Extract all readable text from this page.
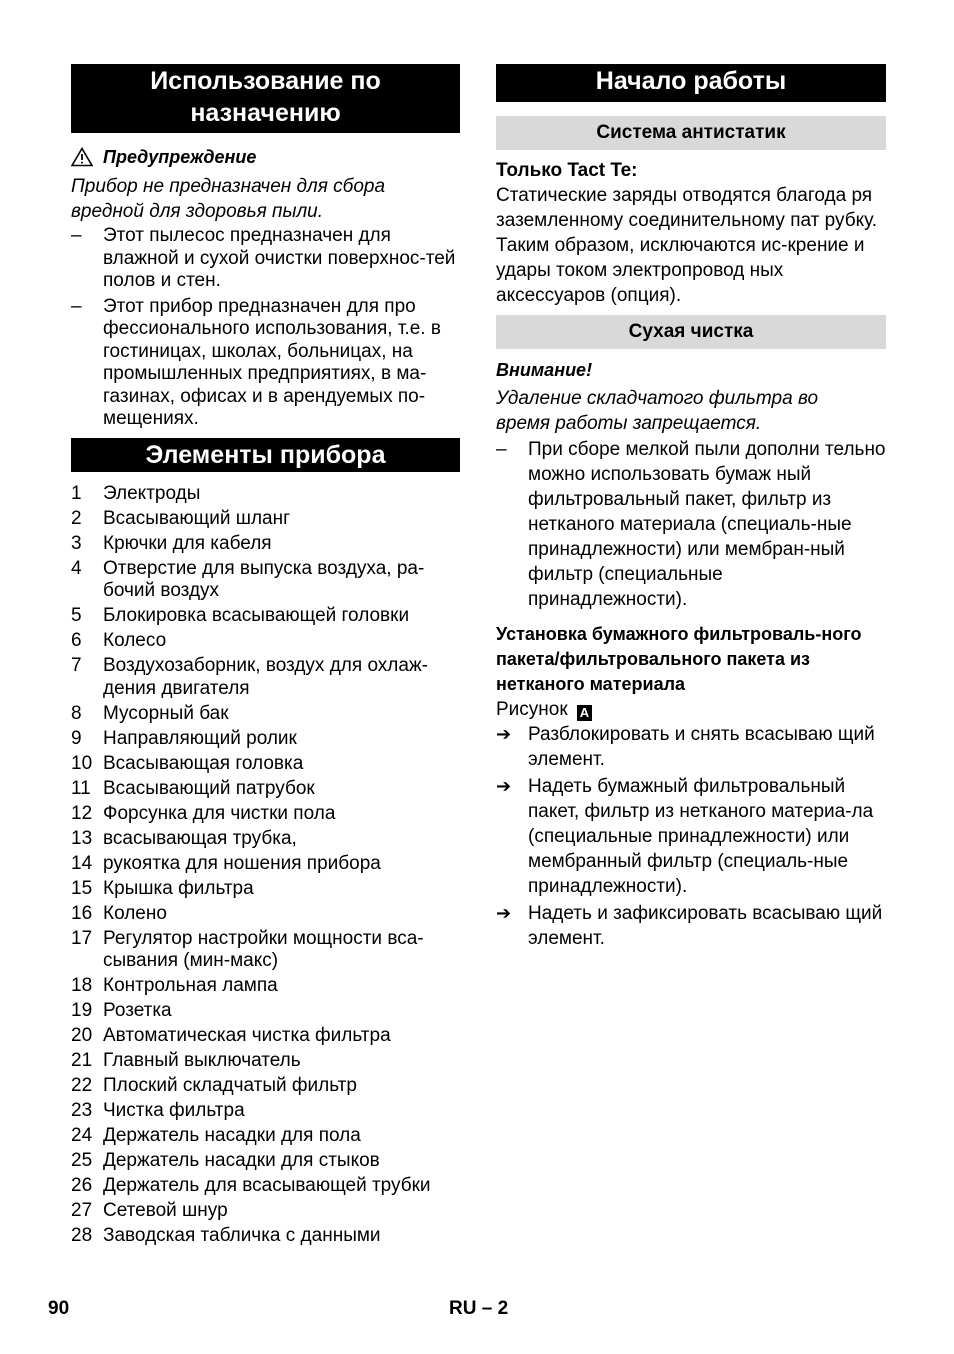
Использование по назначению
Предупреждение
Прибор не предназначен для сбора вредной для здоровья пыли.
–	Этот пылесос предназначен для влажной и сухой очистки поверхнос-тей полов и стен.
–	Этот прибор предназначен для про фессионального использования, т.е. в гостиницах, школах, больницах, на промышленных предприятиях, в ма-газинах, офисах и в арендуемых по-мещениях.
Элементы прибора
1	Электроды
2	Всасывающий шланг
3	Крючки для кабеля
4	Отверстие для выпуска воздуха, ра-бочий воздух
5	Блокировка всасывающей головки
6	Колесо
7	Воздухозаборник, воздух для охлаж-дения двигателя
8	Мусорный бак
9	Направляющий ролик
10 Всасывающая головка
11 Всасывающий патрубок
12 Форсунка для чистки пола
13 всасывающая трубка,
14 рукоятка для ношения прибора
15 Крышка фильтра
16 Колено
17 Регулятор настройки мощности вса-сывания (мин-макс)
18 Контрольная лампа
19 Розетка
20 Автоматическая чистка фильтра
21 Главный выключатель
22 Плоский складчатый фильтр
23 Чистка фильтра
24 Держатель насадки для пола
25 Держатель насадки для стыков
26 Держатель для всасывающей трубки
27 Сетевой шнур
28 Заводская табличка с данными
Начало работы
Система антистатик
Только Tact Te:
Статические заряды отводятся благода ря заземленному соединительному пат рубку. Таким образом, исключаются ис-крение и удары током электропровод ных аксессуаров (опция).
Сухая чистка
Внимание!
Удаление складчатого фильтра во время работы запрещается.
–	При сборе мелкой пыли дополни тельно можно использовать бумаж ный фильтровальный пакет, фильтр из нетканого материала (специаль-ные принадлежности) или мембран-ный фильтр (специальные принадлежности).
Установка бумажного фильтроваль-ного пакета/фильтровального пакета из нетканого материала
Рисунок A
➔ Разблокировать и снять всасываю щий элемент.
➔ Надеть бумажный фильтровальный пакет, фильтр из нетканого материа-ла (специальные принадлежности) или мембранный фильтр (специаль-ные принадлежности).
➔ Надеть и зафиксировать всасываю щий элемент.
90	RU – 2
